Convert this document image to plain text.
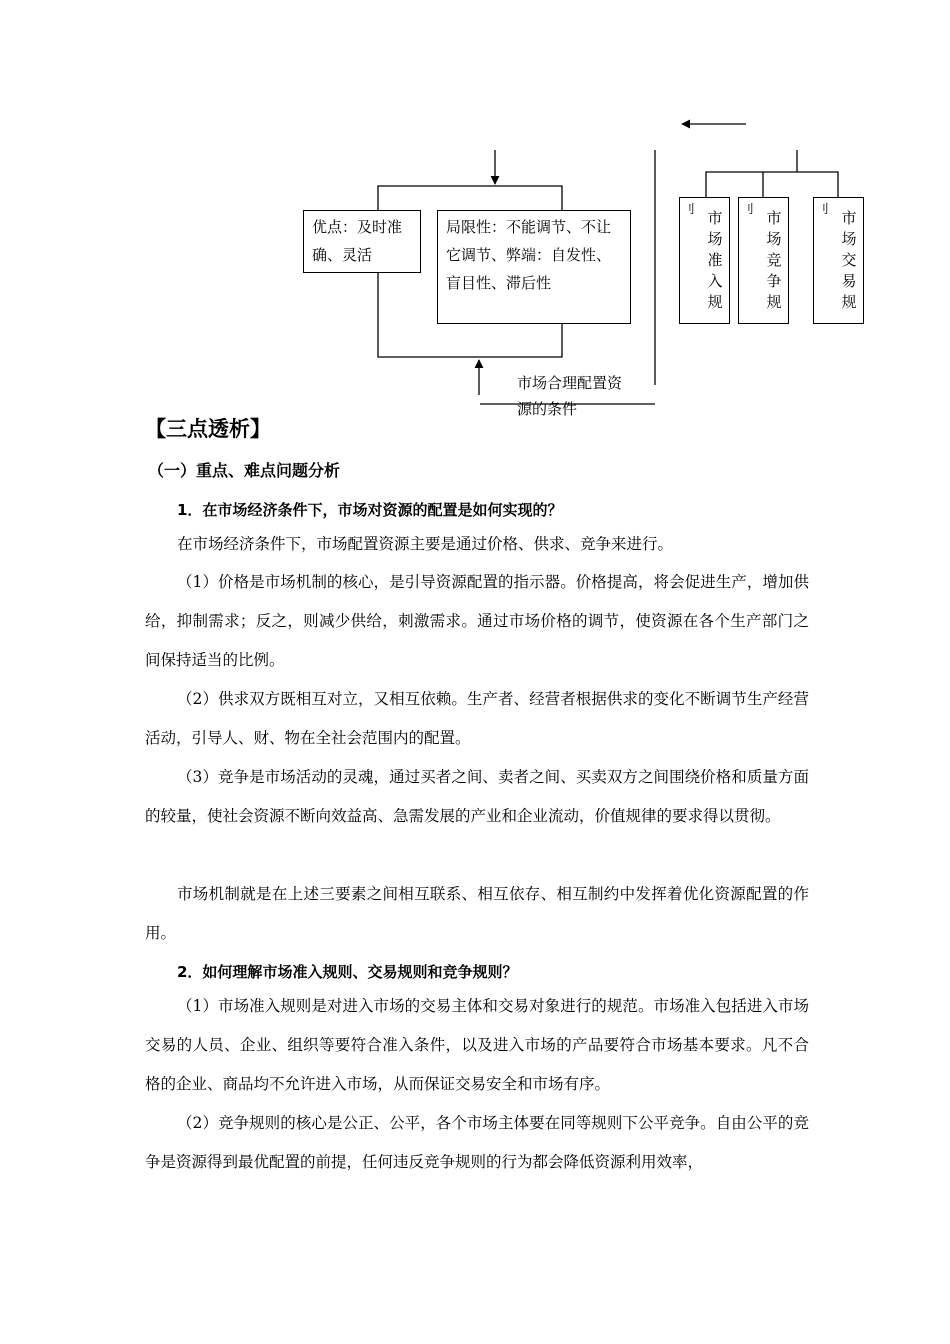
优点：及时准确、灵活
局限性：不能调节、不让它调节、弊端：自发性、盲目性、滞后性
刂 市场准入规
刂 市场竞争规
刂 市场交易规
市场合理配置资源的条件
【三点透析】
（一）重点、难点问题分析
1．在市场经济条件下，市场对资源的配置是如何实现的？
在市场经济条件下，市场配置资源主要是通过价格、供求、竞争来进行。
（1）价格是市场机制的核心，是引导资源配置的指示器。价格提高，将会促进生产，增加供给，抑制需求；反之，则减少供给，刺激需求。通过市场价格的调节，使资源在各个生产部门之间保持适当的比例。
（2）供求双方既相互对立，又相互依赖。生产者、经营者根据供求的变化不断调节生产经营活动，引导人、财、物在全社会范围内的配置。
（3）竞争是市场活动的灵魂，通过买者之间、卖者之间、买卖双方之间围绕价格和质量方面的较量，使社会资源不断向效益高、急需发展的产业和企业流动，价值规律的要求得以贯彻。
市场机制就是在上述三要素之间相互联系、相互依存、相互制约中发挥着优化资源配置的作用。
2．如何理解市场准入规则、交易规则和竞争规则？
（1）市场准入规则是对进入市场的交易主体和交易对象进行的规范。市场准入包括进入市场交易的人员、企业、组织等要符合准入条件，以及进入市场的产品要符合市场基本要求。凡不合格的企业、商品均不允许进入市场，从而保证交易安全和市场有序。
（2）竞争规则的核心是公正、公平，各个市场主体要在同等规则下公平竞争。自由公平的竞争是资源得到最优配置的前提，任何违反竞争规则的行为都会降低资源利用效率，
